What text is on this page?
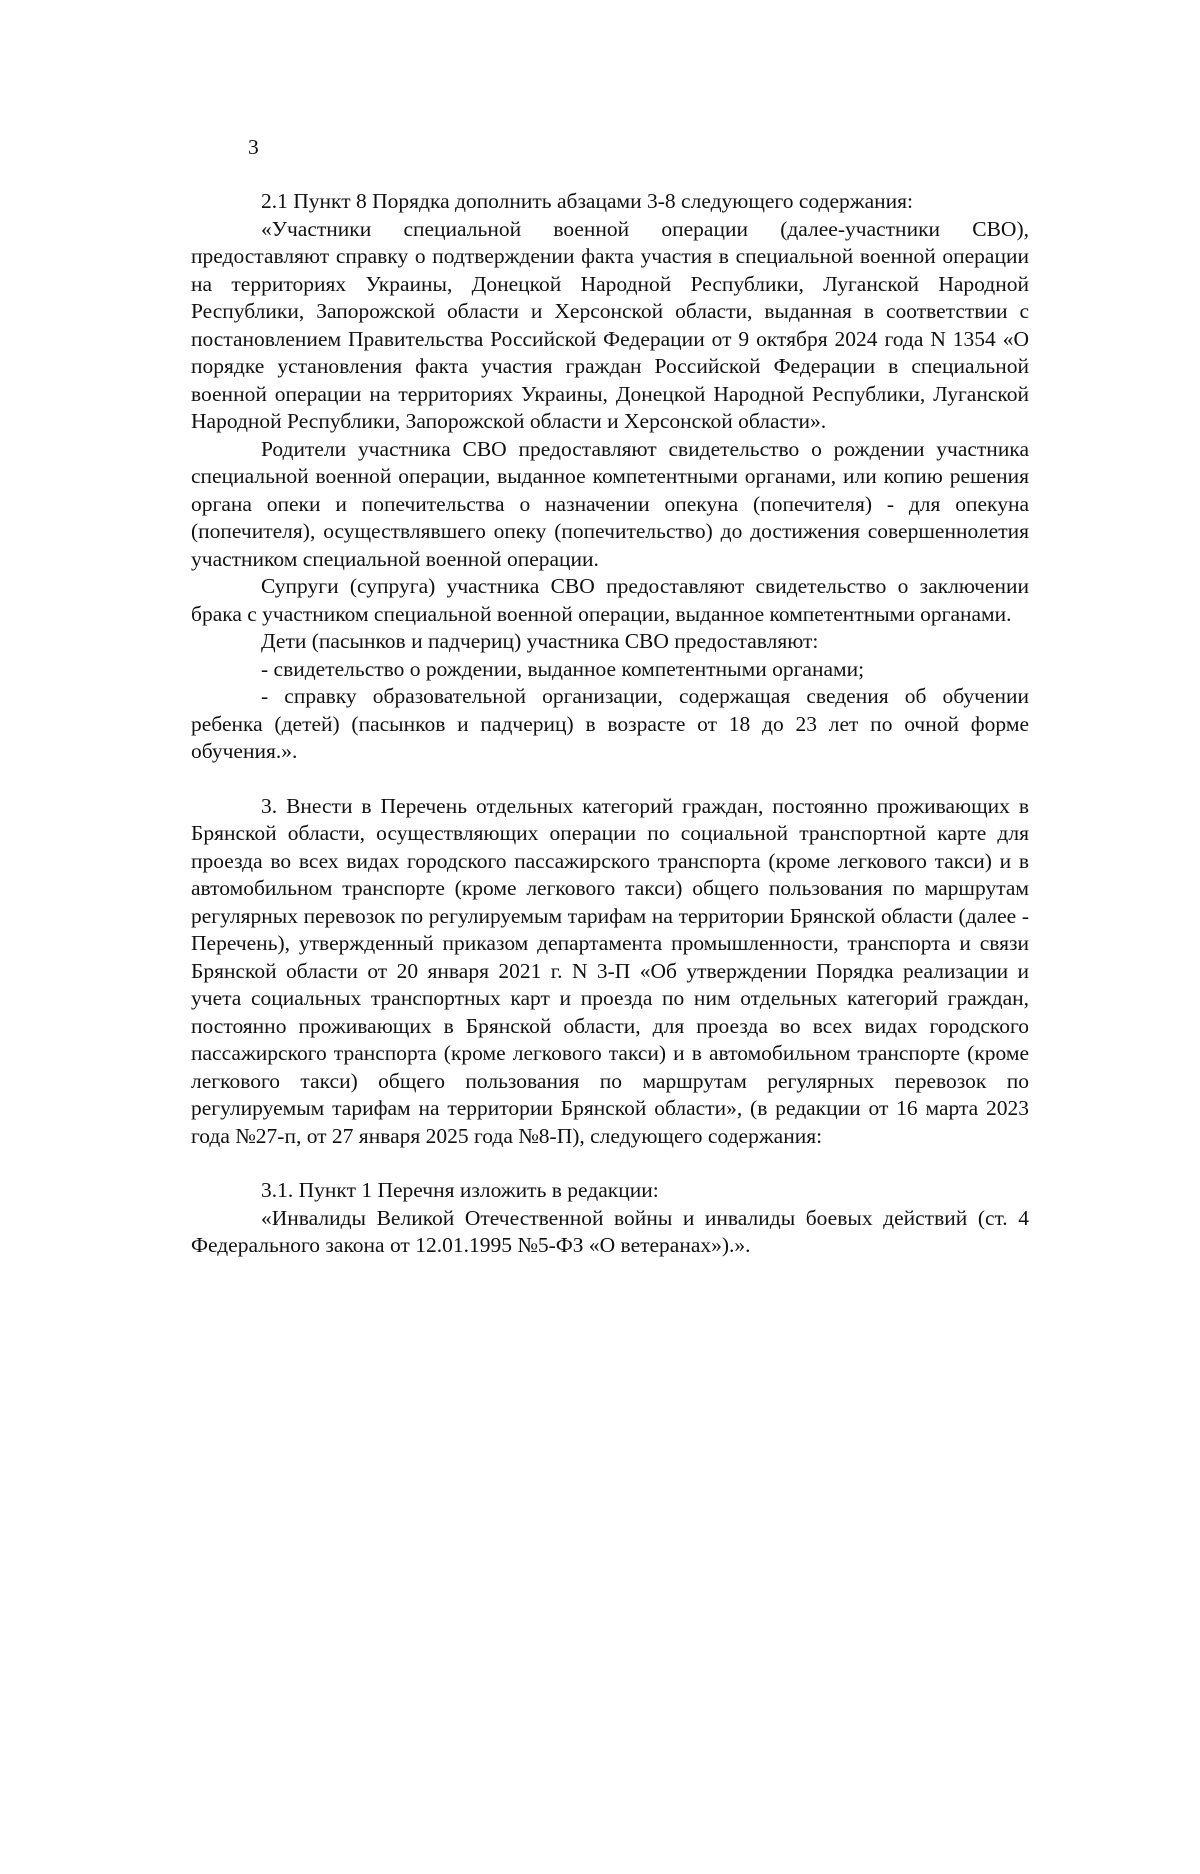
3

2.1 Пункт 8 Порядка дополнить абзацами 3-8 следующего содержания:

«Участники специальной военной операции (далее-участники СВО), предоставляют справку о подтверждении факта участия в специальной военной операции на территориях Украины, Донецкой Народной Республики, Луганской Народной Республики, Запорожской области и Херсонской области, выданная в соответствии с постановлением Правительства Российской Федерации от 9 октября 2024 года N 1354 «О порядке установления факта участия граждан Российской Федерации в специальной военной операции на территориях Украины, Донецкой Народной Республики, Луганской Народной Республики, Запорожской области и Херсонской области».

Родители участника СВО предоставляют свидетельство о рождении участника специальной военной операции, выданное компетентными органами, или копию решения органа опеки и попечительства о назначении опекуна (попечителя) - для опекуна (попечителя), осуществлявшего опеку (попечительство) до достижения совершеннолетия участником специальной военной операции.

Супруги (супруга) участника СВО предоставляют свидетельство о заключении брака с участником специальной военной операции, выданное компетентными органами.

Дети (пасынков и падчериц) участника СВО предоставляют:

- свидетельство о рождении, выданное компетентными органами;

- справку образовательной организации, содержащая сведения об обучении ребенка (детей) (пасынков и падчериц) в возрасте от 18 до 23 лет по очной форме обучения.».

3. Внести в Перечень отдельных категорий граждан, постоянно проживающих в Брянской области, осуществляющих операции по социальной транспортной карте для проезда во всех видах городского пассажирского транспорта (кроме легкового такси) и в автомобильном транспорте (кроме легкового такси) общего пользования по маршрутам регулярных перевозок по регулируемым тарифам на территории Брянской области (далее - Перечень), утвержденный приказом департамента промышленности, транспорта и связи Брянской области от 20 января 2021 г. N 3-П «Об утверждении Порядка реализации и учета социальных транспортных карт и проезда по ним отдельных категорий граждан, постоянно проживающих в Брянской области, для проезда во всех видах городского пассажирского транспорта (кроме легкового такси) и в автомобильном транспорте (кроме легкового такси) общего пользования по маршрутам регулярных перевозок по регулируемым тарифам на территории Брянской области», (в редакции от 16 марта 2023 года №27-п, от 27 января 2025 года №8-П), следующего содержания:

3.1. Пункт 1 Перечня изложить в редакции:

«Инвалиды Великой Отечественной войны и инвалиды боевых действий (ст. 4 Федерального закона от 12.01.1995 №5-ФЗ «О ветеранах»).».
